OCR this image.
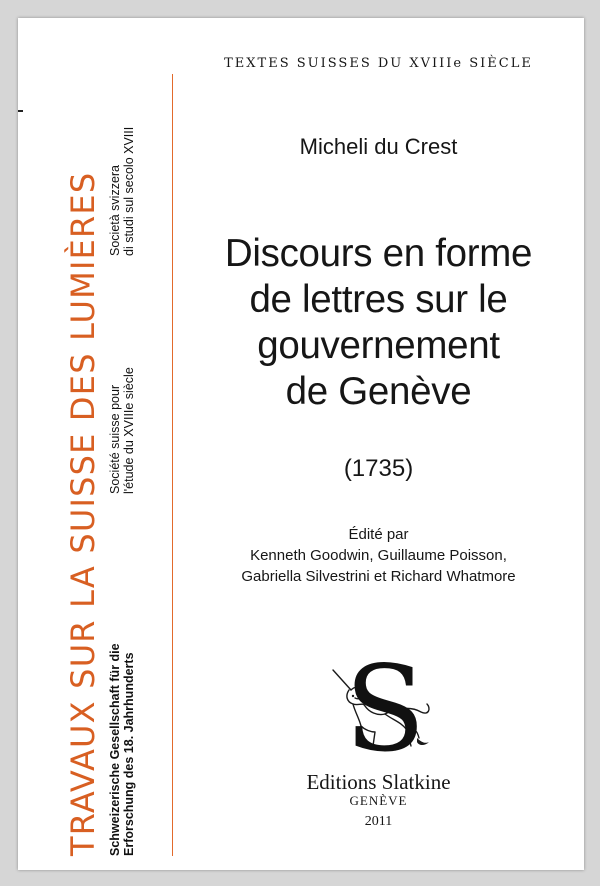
TRAVAUX SUR LA SUISSE DES LUMIÈRES Schweizerische Gesellschaft für die Erforschung des 18. Jahrhunderts
Société suisse pour l'étude du XVIIIe siècle
Società svizzera di studi sul secolo XVIII
TEXTES SUISSES DU XVIIIe SIÈCLE
Micheli du Crest
Discours en forme
de lettres sur le
gouvernement
de Genève
(1735)
Édité par
Kenneth Goodwin, Guillaume Poisson,
Gabriella Silvestrini et Richard Whatmore
S
Editions Slatkine
GENÈVE
2011
